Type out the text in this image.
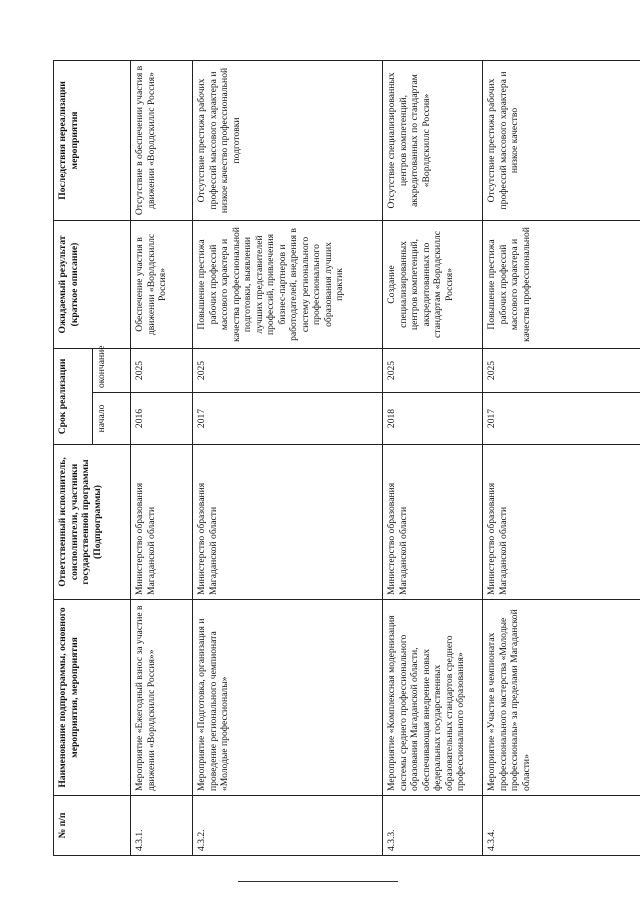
№ п/п	Наименование подпрограммы, основного мероприятия, мероприятия	Ответственный исполнитель, соисполнители, участники государственной программы (Подпрограммы)	Срок реализации		Ожидаемый результат (краткое описание)	Последствия нереализации мероприятия
			начало	окончание		
4.3.1.	Мероприятие «Ежегодный взнос за участие в движении «Ворлдскиллс Россия»»	Министерство образования Магаданской области	2016	2025	Обеспечение участия в движении «Ворлдскиллс Россия»	Отсутствие в обеспечении участия в движении «Ворлдскиллс Россия»
4.3.2.	Мероприятие «Подготовка, организация и проведение регионального чемпионата «Молодые профессионалы»	Министерство образования Магаданской области	2017	2025	Повышение престижа рабочих профессий массового характера и качества профессиональной подготовки, выявлении лучших представителей профессий, привлечения бизнес-партнеров и работодателей, внедрения в систему регионального профессионального образования лучших практик	Отсутствие престижа рабочих профессий массового характера и низкое качество профессиональной подготовки
4.3.3.	Мероприятие «Комплексная модернизация системы среднего профессионального образования Магаданской области, обеспечивающая внедрение новых федеральных государственных образовательных стандартов среднего профессионального образования»	Министерство образования Магаданской области	2018	2025	Создание специализированных центров компетенций, аккредитованных по стандартам «Ворлдскиллс Россия»	Отсутствие специализированных центров компетенций, аккредитованных по стандартам «Ворлдскиллс Россия»
4.3.4.	Мероприятие «Участие в чемпионатах профессионального мастерства «Молодые профессионалы» за пределами Магаданской области»	Министерство образования Магаданской области	2017	2025	Повышение престижа рабочих профессий массового характера и качества профессиональной	Отсутствие престижа рабочих профессий массового характера и низкое качество
